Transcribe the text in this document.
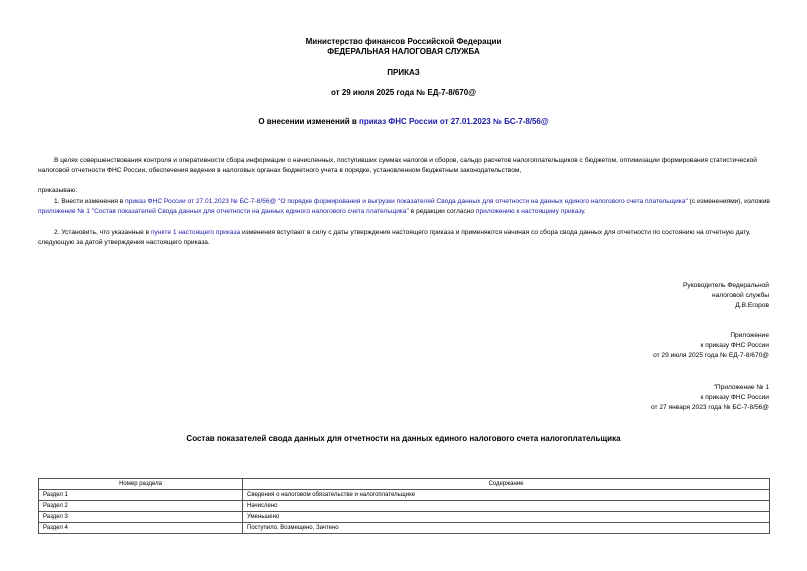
Министерство финансов Российской Федерации
ФЕДЕРАЛЬНАЯ НАЛОГОВАЯ СЛУЖБА
ПРИКАЗ
от 29 июля 2025 года № ЕД-7-8/670@
О внесении изменений в приказ ФНС России от 27.01.2023 № БС-7-8/56@
В целях совершенствования контроля и оперативности сбора информации о начисленных, поступивших суммах налогов и сборов, сальдо расчетов налогоплательщиков с бюджетом, оптимизации формирования статистической налоговой отчетности ФНС России, обеспечения ведения в налоговых органах бюджетного учета в порядке, установленном бюджетным законодательством,
приказываю:
1. Внести изменения в приказ ФНС России от 27.01.2023 № БС-7-8/56@ "О порядке формирования и выгрузки показателей Свода данных для отчетности на данных единого налогового счета плательщика" (с изменениями), изложив приложение № 1 "Состав показателей Свода данных для отчетности на данных единого налогового счета плательщика" в редакции согласно приложению к настоящему приказу.
2. Установить, что указанные в пункте 1 настоящего приказа изменения вступают в силу с даты утверждения настоящего приказа и применяются начиная со сбора свода данных для отчетности по состоянию на отчетную дату, следующую за датой утверждения настоящего приказа.
Руководитель Федеральной
налоговой службы
Д.В.Егоров
Приложение
к приказу ФНС России
от 29 июля 2025 года № ЕД-7-8/670@
"Приложение № 1
к приказу ФНС России
от 27 января 2023 года № БС-7-8/56@
Состав показателей свода данных для отчетности на данных единого налогового счета налогоплательщика
Номер раздела	Содержание
Раздел 1	Сведения о налоговом обязательстве и налогоплательщике
Раздел 2	Начислено
Раздел 3	Уменьшено
Раздел 4	Поступило, Возмещено, Зачтено
